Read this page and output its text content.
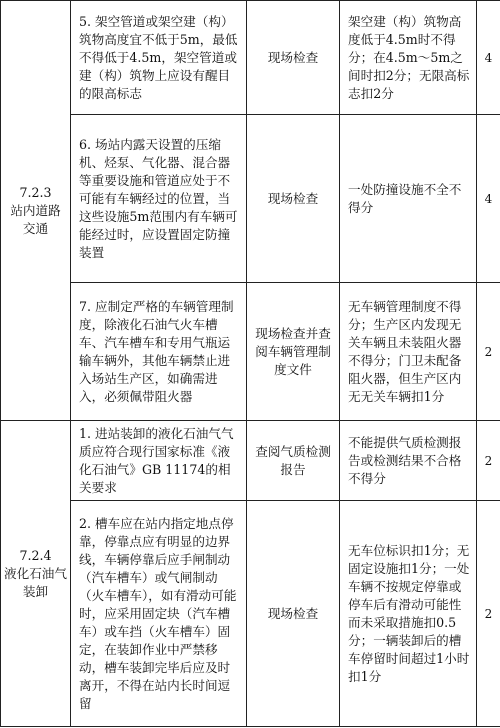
7.2.3
站内道路交通	5. 架空管道或架空建（构）筑物高度宜不低于5m，最低不得低于4.5m，架空管道或建（构）筑物上应设有醒目的限高标志	现场检查	架空建（构）筑物高度低于4.5m时不得分；在4.5m～5m之间时扣2分；无限高标志扣2分	4
	6. 场站内露天设置的压缩机、烃泵、气化器、混合器等重要设施和管道应处于不可能有车辆经过的位置，当这些设施5m范围内有车辆可能经过时，应设置固定防撞装置	现场检查	一处防撞设施不全不得分	4
	7. 应制定严格的车辆管理制度，除液化石油气火车槽车、汽车槽车和专用气瓶运输车辆外，其他车辆禁止进入场站生产区，如确需进入，必须佩带阻火器	现场检查并查阅车辆管理制度文件	无车辆管理制度不得分；生产区内发现无关车辆且未装阻火器不得分；门卫未配备阻火器，但生产区内无无关车辆扣1分	2

7.2.4
液化石油气装卸	1. 进站装卸的液化石油气气质应符合现行国家标准《液化石油气》GB 11174的相关要求	查阅气质检测报告	不能提供气质检测报告或检测结果不合格不得分	2
	2. 槽车应在站内指定地点停靠，停靠点应有明显的边界线，车辆停靠后应手闸制动（汽车槽车）或气闸制动（火车槽车），如有滑动可能时，应采用固定块（汽车槽车）或车挡（火车槽车）固定，在装卸作业中严禁移动，槽车装卸完毕后应及时离开，不得在站内长时间逗留	现场检查	无车位标识扣1分；无固定设施扣1分；一处车辆不按规定停靠或停车后有滑动可能性而未采取措施扣0.5分；一辆装卸后的槽车停留时间超过1小时扣1分	2
